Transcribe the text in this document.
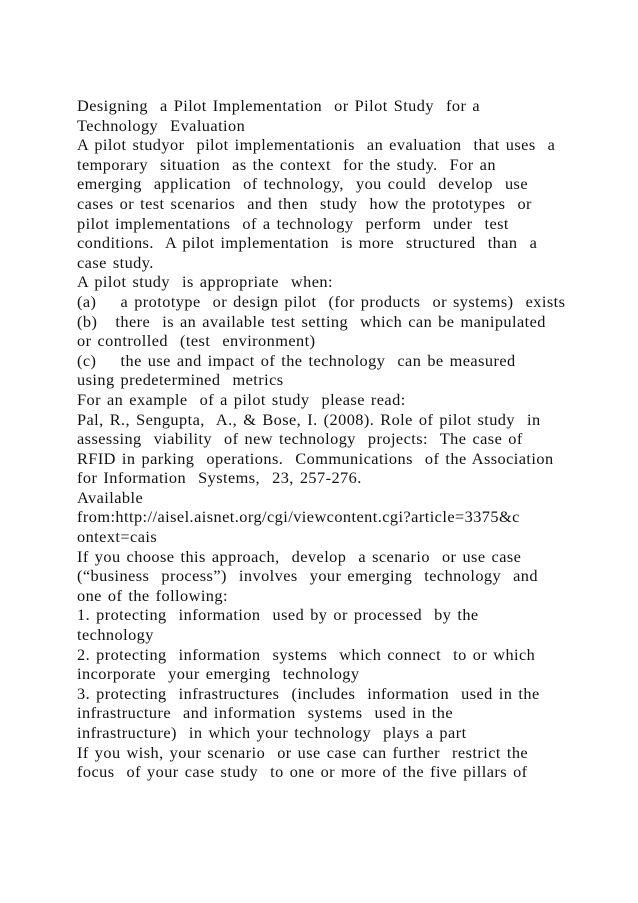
Designing  a Pilot Implementation  or Pilot Study  for a
Technology  Evaluation
A pilot studyor  pilot implementationis  an evaluation  that uses  a
temporary  situation  as the context  for the study.  For an
emerging  application  of technology,  you could  develop  use
cases or test scenarios  and then  study  how the prototypes  or
pilot implementations  of a technology  perform  under  test
conditions.  A pilot implementation  is more  structured  than  a
case study.
A pilot study  is appropriate  when:
(a)    a prototype  or design pilot  (for products  or systems)  exists
(b)   there  is an available test setting  which can be manipulated
or controlled  (test  environment)
(c)    the use and impact of the technology  can be measured
using predetermined  metrics
For an example  of a pilot study  please read:
Pal, R., Sengupta,  A., & Bose, I. (2008). Role of pilot study  in
assessing  viability  of new technology  projects:  The case of
RFID in parking  operations.  Communications  of the Association
for Information  Systems,  23, 257-276.
Available
from:http://aisel.aisnet.org/cgi/viewcontent.cgi?article=3375&c
ontext=cais
If you choose this approach,  develop  a scenario  or use case
(“business  process”)  involves  your emerging  technology  and
one of the following:
1. protecting  information  used by or processed  by the
technology
2. protecting  information  systems  which connect  to or which
incorporate  your emerging  technology
3. protecting  infrastructures  (includes  information  used in the
infrastructure  and information  systems  used in the
infrastructure)  in which your technology  plays a part
If you wish, your scenario  or use case can further  restrict the
focus  of your case study  to one or more of the five pillars of
